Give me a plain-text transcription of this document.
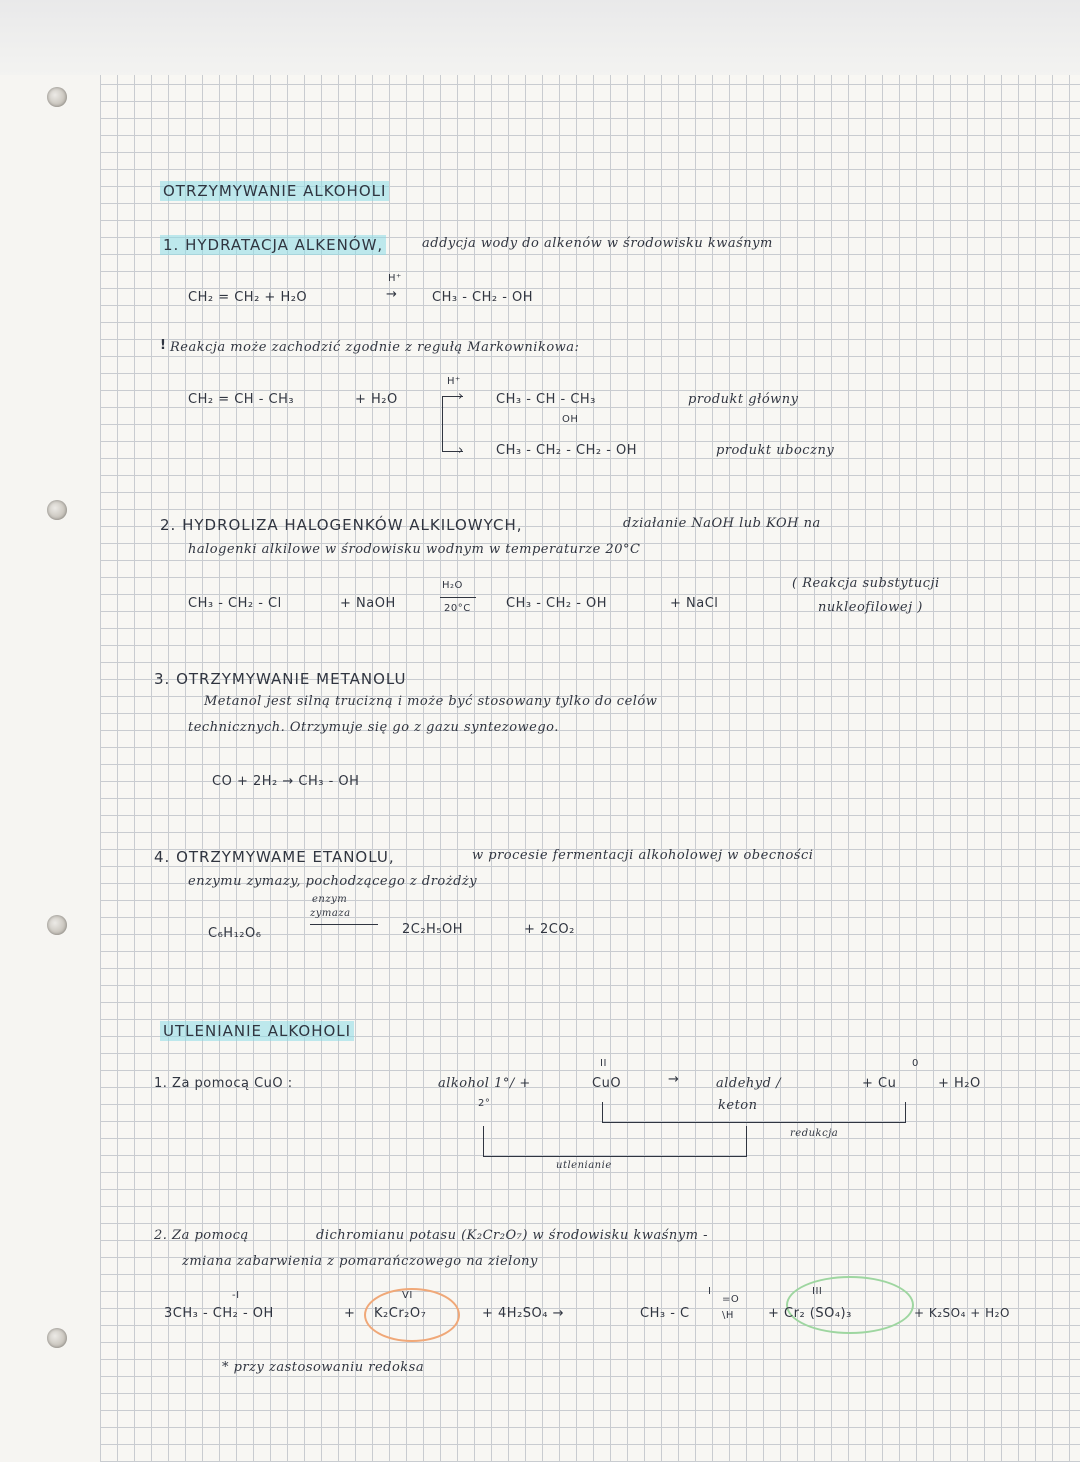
OTRZYMYWANIE ALKOHOLI
1. HYDRATACJA ALKENÓW,	addycja wody do alkenów w środowisku kwaśnym
CH₂ = CH₂ + H₂O
H⁺
→	CH₃ - CH₂ - OH
! Reakcja może zachodzić zgodnie z regułą Markownikowa:
CH₂ = CH - CH₃	+ H₂O
H⁺
›
›
CH₃ - CH - CH₃
OH
produkt główny
CH₃ - CH₂ - CH₂ - OH	produkt uboczny
2. HYDROLIZA HALOGENKÓW ALKILOWYCH,	działanie NaOH lub KOH na
halogenki alkilowe w środowisku wodnym w temperaturze 20°C
CH₃ - CH₂ - Cl	+ NaOH
H₂O
20°C	CH₃ - CH₂ - OH	+ NaCl
( Reakcja substytucji
nukleofilowej )
3. OTRZYMYWANIE METANOLU
Metanol jest silną trucizną i może być stosowany tylko do celów
technicznych. Otrzymuje się go z gazu syntezowego.
CO + 2H₂ → CH₃ - OH
4. OTRZYMYWAME ETANOLU,	w procesie fermentacji alkoholowej w obecności
enzymu zymazy, pochodzącego z drożdży
enzym
zymaza
C₆H₁₂O₆	2C₂H₅OH	+ 2CO₂
UTLENIANIE ALKOHOLI
1. Za pomocą CuO :	alkohol 1°/ +
2°
II
CuO	→	aldehyd /
keton
0
+ Cu	+ H₂O
redukcja
utlenianie
2. Za pomocą	dichromianu potasu (K₂Cr₂O₇) w środowisku kwaśnym -
zmiana zabarwienia z pomarańczowego na zielony
-I	VI	I	III
3CH₃ - CH₂ - OH	+ K₂Cr₂O₇	+ 4H₂SO₄ →	CH₃ - C
=O
\H	+ Cr₂ (SO₄)₃	+ K₂SO₄ + H₂O
* przy zastosowaniu redoksa
